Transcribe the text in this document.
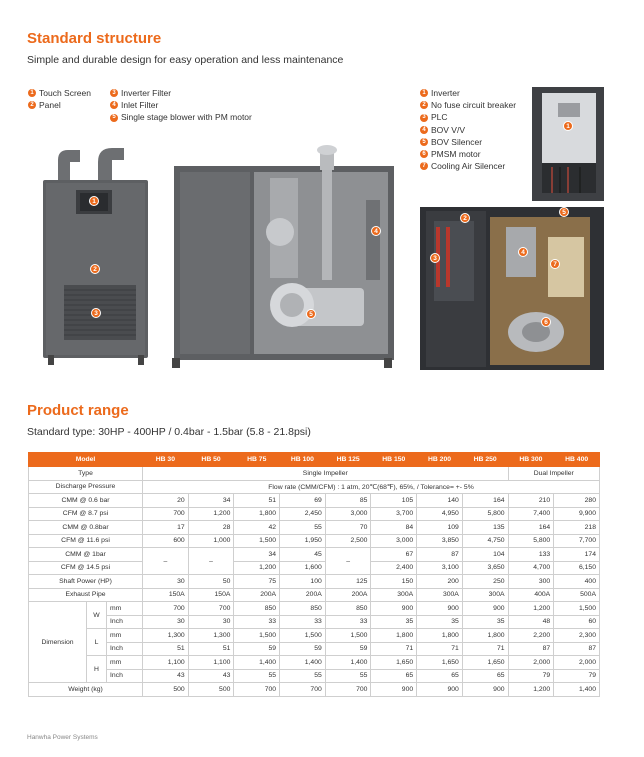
Standard structure
Simple and durable design for easy operation and less maintenance
1 Touch Screen
2 Panel
3 Inverter Filter
4 Inlet Filter
5 Single stage blower with PM motor
1 Inverter
2 No fuse circuit breaker
3 PLC
4 BOV V/V
5 BOV Silencer
6 PMSM motor
7 Cooling Air Silencer
1
2
3
4
5
1
2
3
4
5
6
7
Product range
Standard type: 30HP - 400HP / 0.4bar - 1.5bar (5.8 - 21.8psi)
Model			HB 30	HB 50	HB 75	HB 100	HB 125	HB 150	HB 200	HB 250	HB 300	HB 400
Type			Single Impeller								Dual Impeller	
Discharge Pressure			Flow rate (CMM/CFM) : 1 atm, 20℃(68℉), 65%, / Tolerance= +- 5%									
CMM @ 0.6 bar			20	34	51	69	85	105	140	164	210	280
CFM @ 8.7 psi			700	1,200	1,800	2,450	3,000	3,700	4,950	5,800	7,400	9,900
CMM @ 0.8bar			17	28	42	55	70	84	109	135	164	218
CFM @ 11.6 psi			600	1,000	1,500	1,950	2,500	3,000	3,850	4,750	5,800	7,700
CMM @ 1bar			–	–	34	45	–	67	87	104	133	174
CFM @ 14.5 psi					1,200	1,600		2,400	3,100	3,650	4,700	6,150
Shaft Power (HP)			30	50	75	100	125	150	200	250	300	400
Exhaust Pipe			150A	150A	200A	200A	200A	300A	300A	300A	400A	500A
Dimension	W	mm	700	700	850	850	850	900	900	900	1,200	1,500
		Inch	30	30	33	33	33	35	35	35	48	60
	L	mm	1,300	1,300	1,500	1,500	1,500	1,800	1,800	1,800	2,200	2,300
		Inch	51	51	59	59	59	71	71	71	87	87
	H	mm	1,100	1,100	1,400	1,400	1,400	1,650	1,650	1,650	2,000	2,000
		Inch	43	43	55	55	55	65	65	65	79	79
Weight (kg)			500	500	700	700	700	900	900	900	1,200	1,400
Hanwha Power Systems
